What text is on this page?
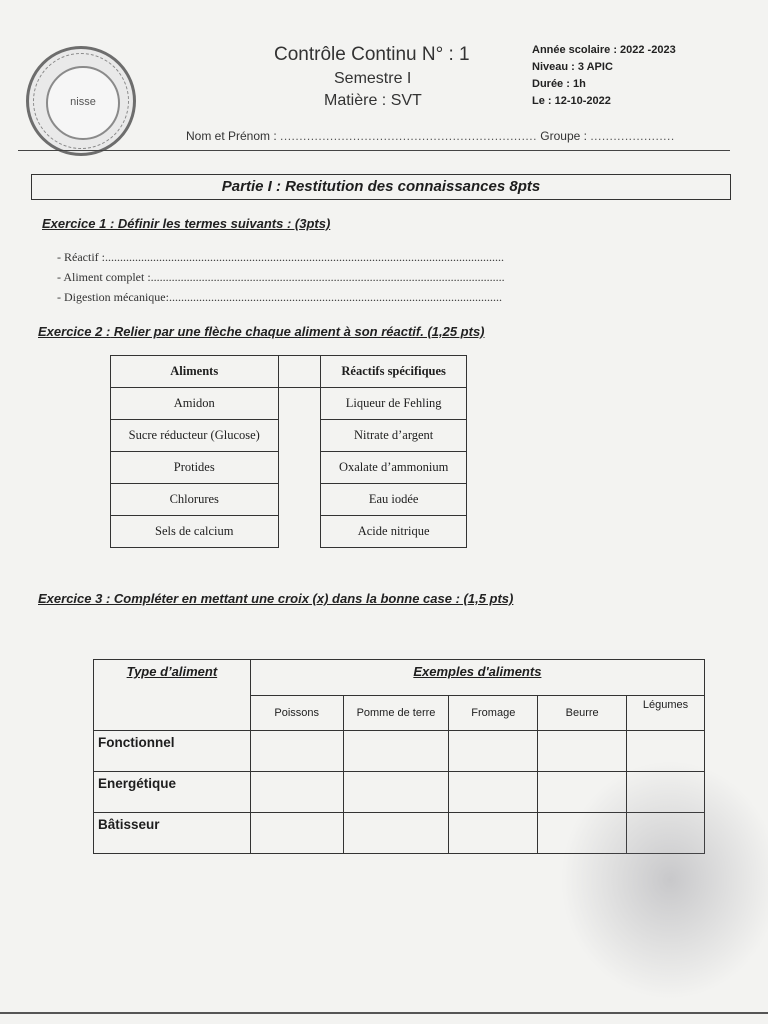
nisse
Contrôle Continu N° : 1
Semestre I
Matière : SVT
Année scolaire : 2022 -2023
Niveau : 3 APIC
Durée : 1h
Le : 12-10-2022
Nom et Prénom : ................................................................... Groupe : ......................
Partie I : Restitution des connaissances 8pts
Exercice 1 : Définir les termes suivants : (3pts)
- Réactif :.....................................................................................................................................
- Aliment complet :......................................................................................................................
- Digestion mécanique:...............................................................................................................
Exercice 2 : Relier par une flèche chaque aliment à son réactif. (1,25 pts)
Aliments		Réactifs spécifiques
Amidon		Liqueur de Fehling
Sucre réducteur (Glucose)		Nitrate d’argent
Protides		Oxalate d’ammonium
Chlorures		Eau iodée
Sels de calcium		Acide nitrique
Exercice 3 : Compléter en mettant une croix (x) dans la bonne case : (1,5 pts)
Type d’aliment	Exemples d'aliments				
	Poissons	Pomme de terre	Fromage	Beurre	Légumes
Fonctionnel					
Energétique					
Bâtisseur					
